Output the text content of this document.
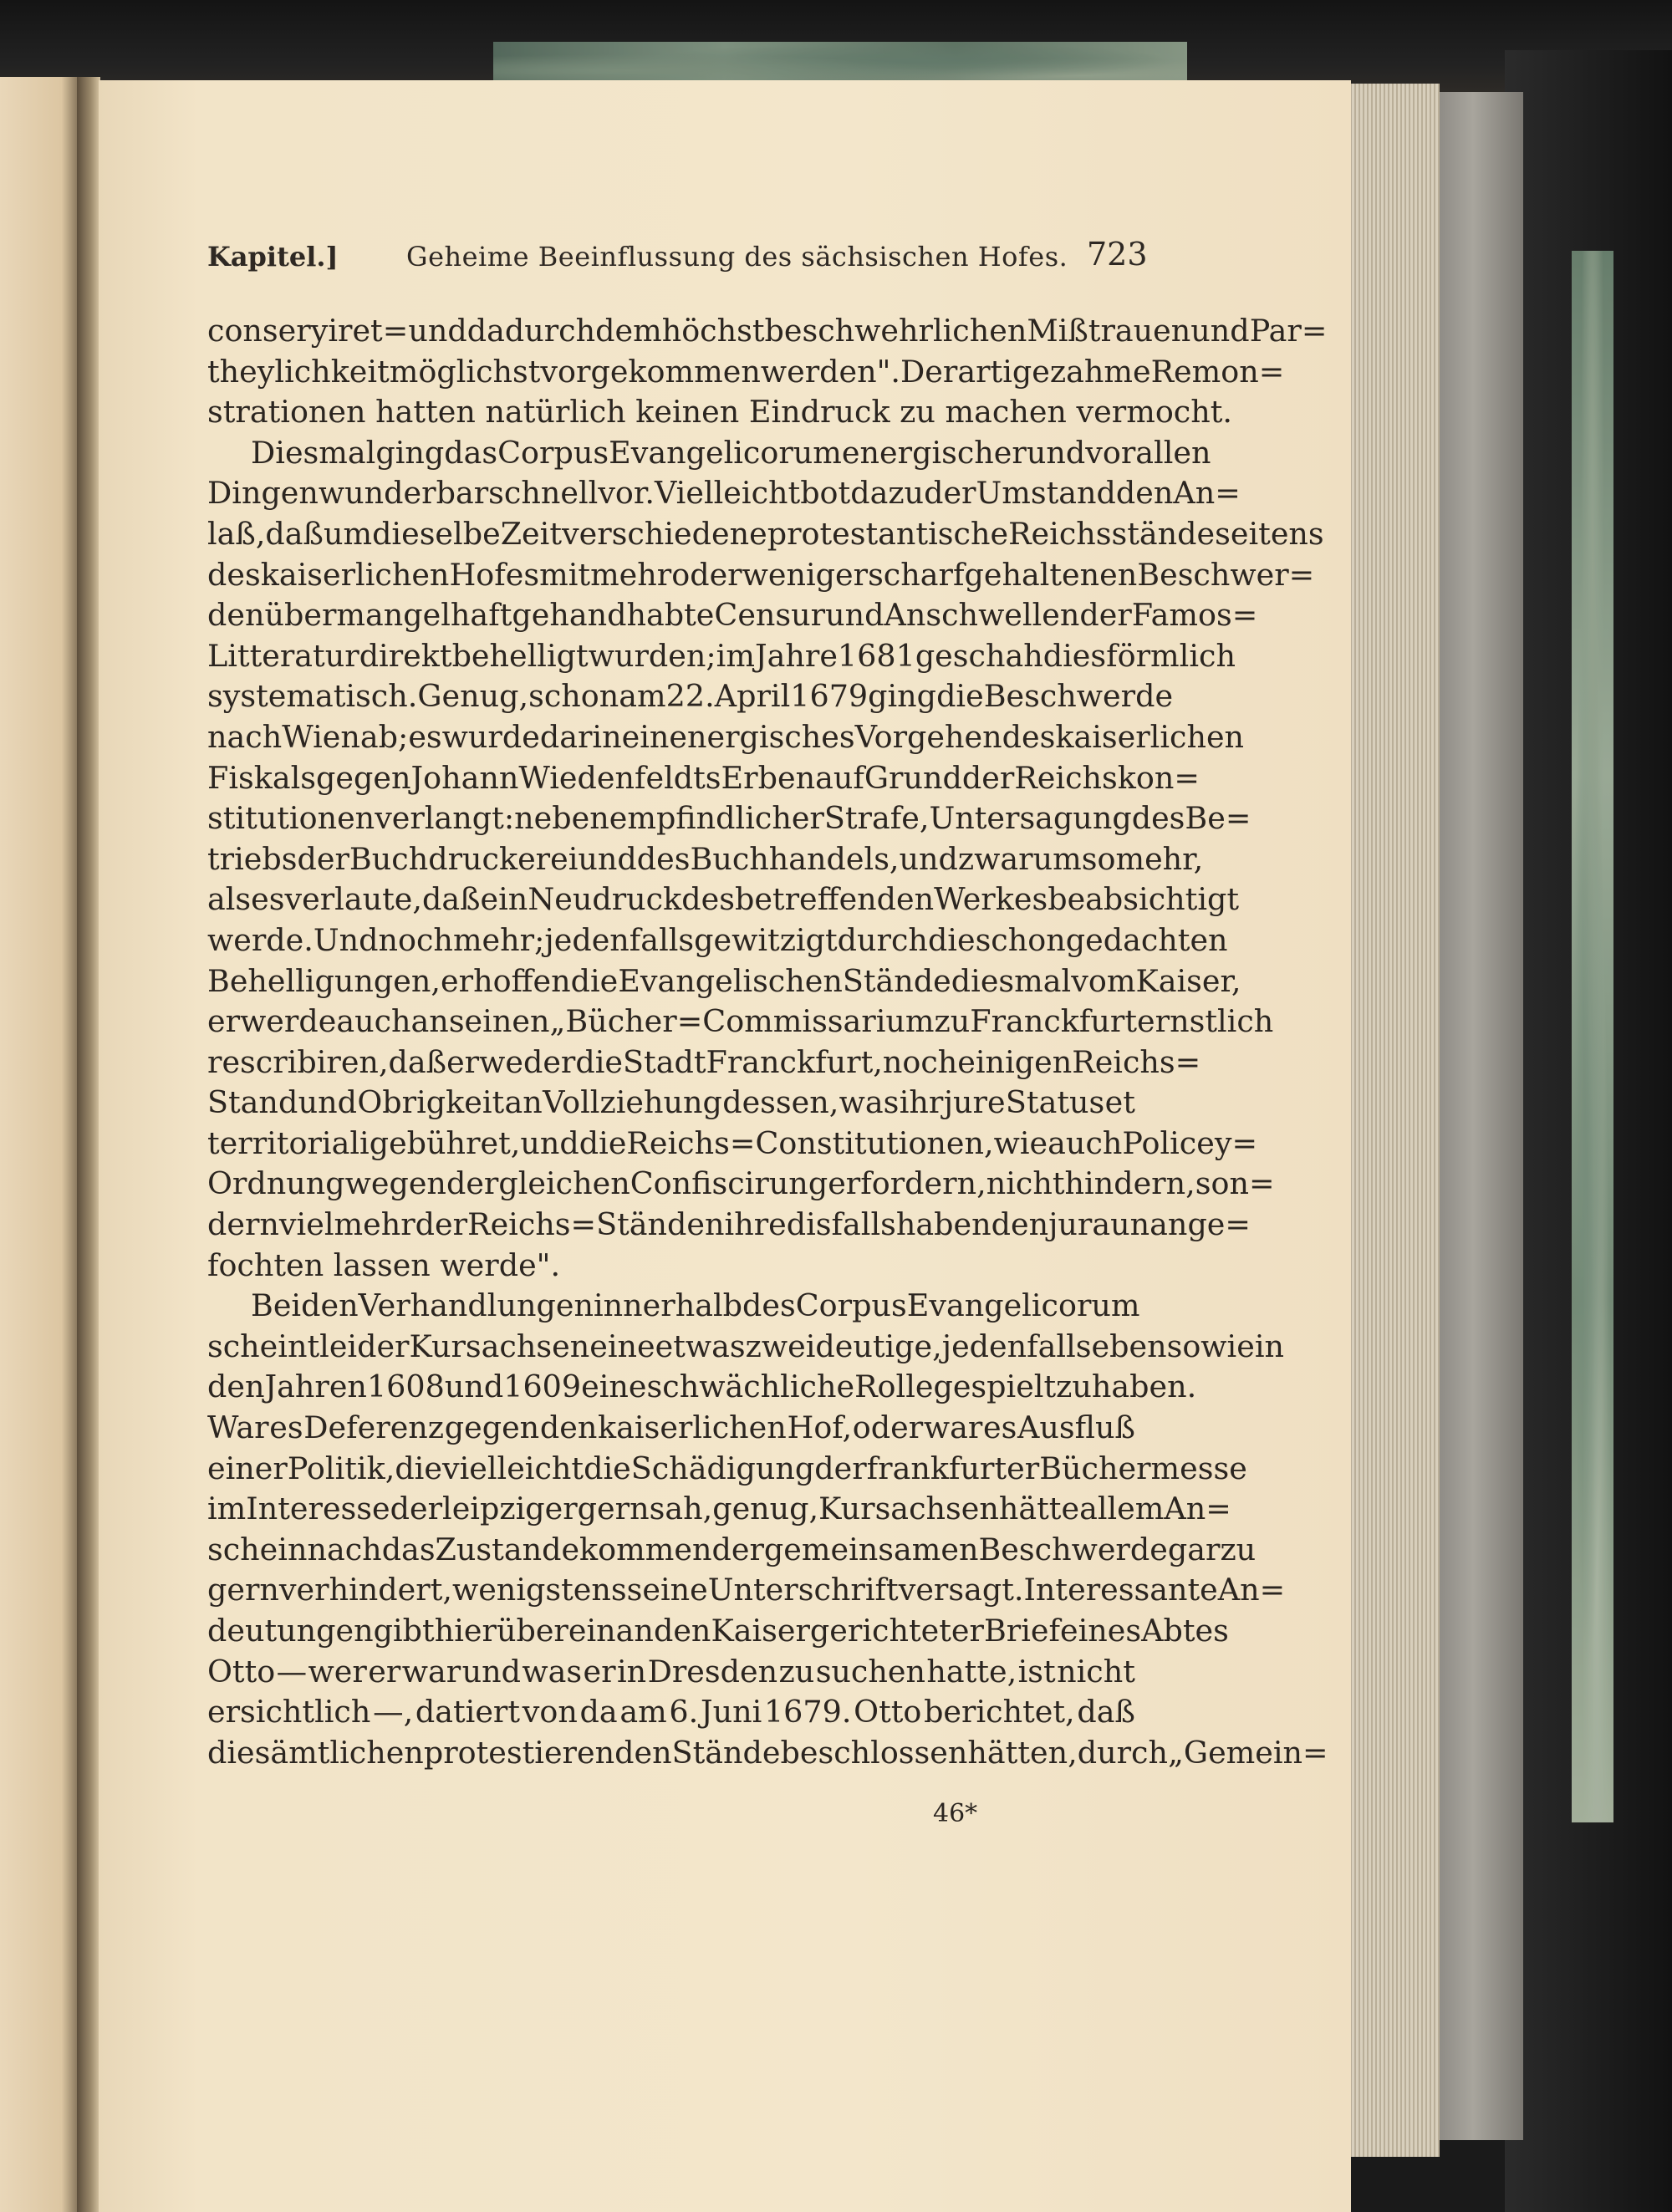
Kapitel.]	Geheime Beeinflussung des sächsischen Hofes. 723
conseryiret= und dadurch dem höchstbeschwehrlichen Mißtrauen und Par=
theylichkeit möglichst vorgekommen werden". Derartige zahme Remon=
strationen hatten natürlich keinen Eindruck zu machen vermocht.
Diesmal ging das Corpus Evangelicorum energischer und vor allen
Dingen wunderbar schnell vor. Vielleicht bot dazu der Umstand den An=
laß, daß um dieselbe Zeit verschiedene protestantische Reichsstände seitens
des kaiserlichen Hofes mit mehr oder weniger scharf gehaltenen Beschwer=
den über mangelhaft gehandhabte Censur und Anschwellen der Famos=
Litteratur direkt behelligt wurden; im Jahre 1681 geschah dies förmlich
systematisch. Genug, schon am 22. April 1679 ging die Beschwerde
nach Wien ab; es wurde darin ein energisches Vorgehen des kaiserlichen
Fiskals gegen Johann Wiedenfeldts Erben auf Grund der Reichskon=
stitutionen verlangt: neben empfindlicher Strafe, Untersagung des Be=
triebs der Buchdruckerei und des Buchhandels, und zwar um so mehr,
als es verlaute, daß ein Neudruck des betreffenden Werkes beabsichtigt
werde. Und noch mehr; jedenfalls gewitzigt durch die schon gedachten
Behelligungen, erhoffen die Evangelischen Stände diesmal vom Kaiser,
er werde auch an seinen „Bücher=Commissarium zu Franckfurt ernstlich
rescribiren, daß er weder die Stadt Franckfurt, noch einigen Reichs=
Stand und Obrigkeit an Vollziehung dessen, was ihr jure Status et
territoriali gebühret, und die Reichs=Constitutionen, wie auch Policey=
Ordnung wegen dergleichen Confiscirung erfordern, nicht hindern, son=
dern vielmehr der Reichs=Ständen ihre disfalls habenden jura unange=
fochten lassen werde".
Bei den Verhandlungen innerhalb des Corpus Evangelicorum
scheint leider Kursachsen eine etwas zweideutige, jedenfalls ebenso wie in
den Jahren 1608 und 1609 eine schwächliche Rolle gespielt zu haben.
War es Deferenz gegen den kaiserlichen Hof, oder war es Ausfluß
einer Politik, die vielleicht die Schädigung der frankfurter Büchermesse
im Interesse der leipziger gern sah, genug, Kursachsen hätte allem An=
schein nach das Zustandekommen der gemeinsamen Beschwerde gar zu
gern verhindert, wenigstens seine Unterschrift versagt. Interessante An=
deutungen gibt hierüber ein an den Kaiser gerichteter Brief eines Abtes
Otto — wer er war und was er in Dresden zu suchen hatte, ist nicht
ersichtlich —, datiert von da am 6. Juni 1679. Otto berichtet, daß
die sämtlichen protestierenden Stände beschlossen hätten, durch „Gemein=
46*
